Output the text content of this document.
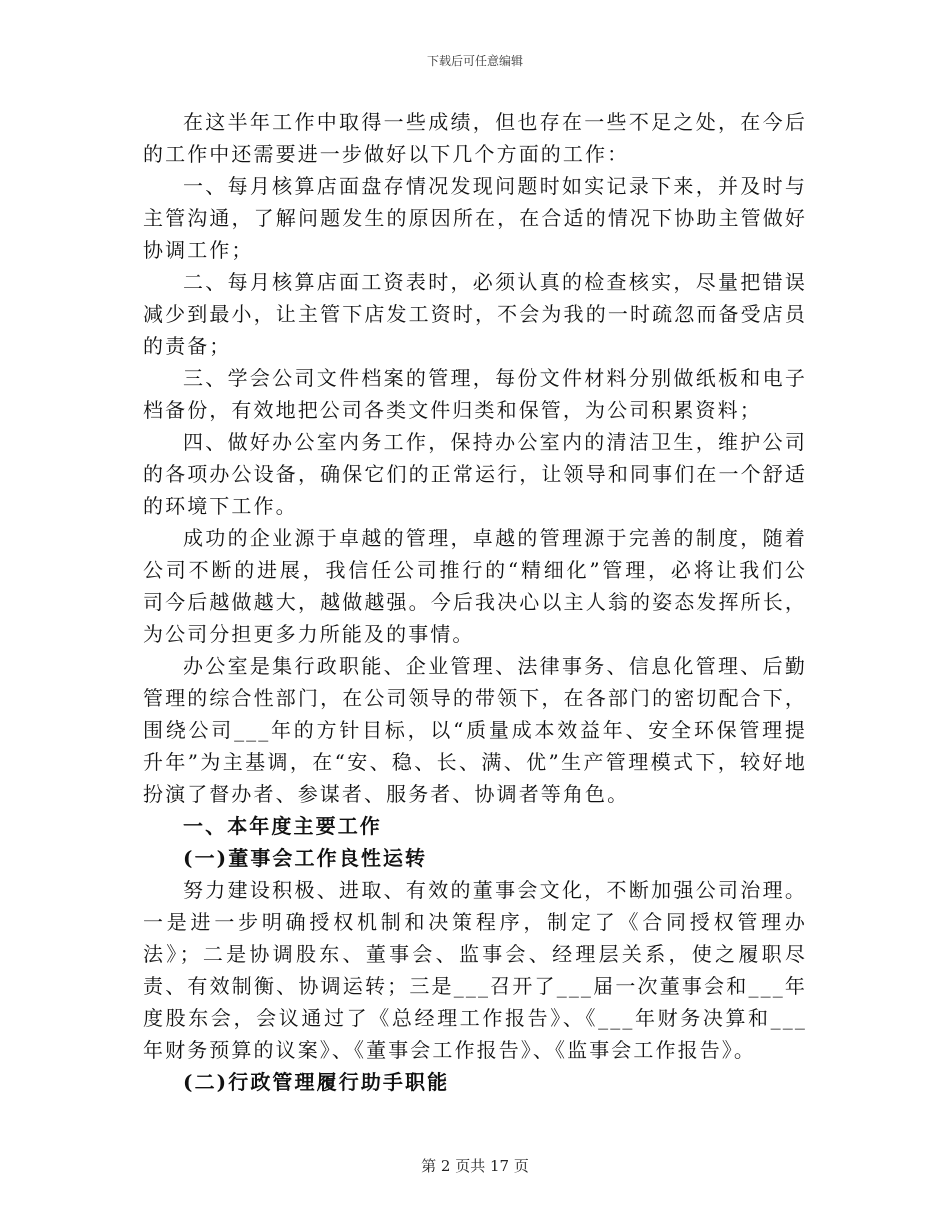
下载后可任意编辑

在这半年工作中取得一些成绩，但也存在一些不足之处，在今后的工作中还需要进一步做好以下几个方面的工作：

一、每月核算店面盘存情况发现问题时如实记录下来，并及时与主管沟通，了解问题发生的原因所在，在合适的情况下协助主管做好协调工作；

二、每月核算店面工资表时，必须认真的检查核实，尽量把错误减少到最小，让主管下店发工资时，不会为我的一时疏忽而备受店员的责备；

三、学会公司文件档案的管理，每份文件材料分别做纸板和电子档备份，有效地把公司各类文件归类和保管，为公司积累资料；

四、做好办公室内务工作，保持办公室内的清洁卫生，维护公司的各项办公设备，确保它们的正常运行，让领导和同事们在一个舒适的环境下工作。

成功的企业源于卓越的管理，卓越的管理源于完善的制度，随着公司不断的进展，我信任公司推行的“精细化”管理，必将让我们公司今后越做越大，越做越强。今后我决心以主人翁的姿态发挥所长，为公司分担更多力所能及的事情。

办公室是集行政职能、企业管理、法律事务、信息化管理、后勤管理的综合性部门，在公司领导的带领下，在各部门的密切配合下，围绕公司___年的方针目标，以“质量成本效益年、安全环保管理提升年”为主基调，在“安、稳、长、满、优”生产管理模式下，较好地扮演了督办者、参谋者、服务者、协调者等角色。

一、本年度主要工作

(一)董事会工作良性运转

努力建设积极、进取、有效的董事会文化，不断加强公司治理。一是进一步明确授权机制和决策程序，制定了《合同授权管理办法》；二是协调股东、董事会、监事会、经理层关系，使之履职尽责、有效制衡、协调运转；三是___召开了___届一次董事会和___年度股东会，会议通过了《总经理工作报告》、《___年财务决算和___年财务预算的议案》、《董事会工作报告》、《监事会工作报告》。

(二)行政管理履行助手职能

第 2 页共 17 页
